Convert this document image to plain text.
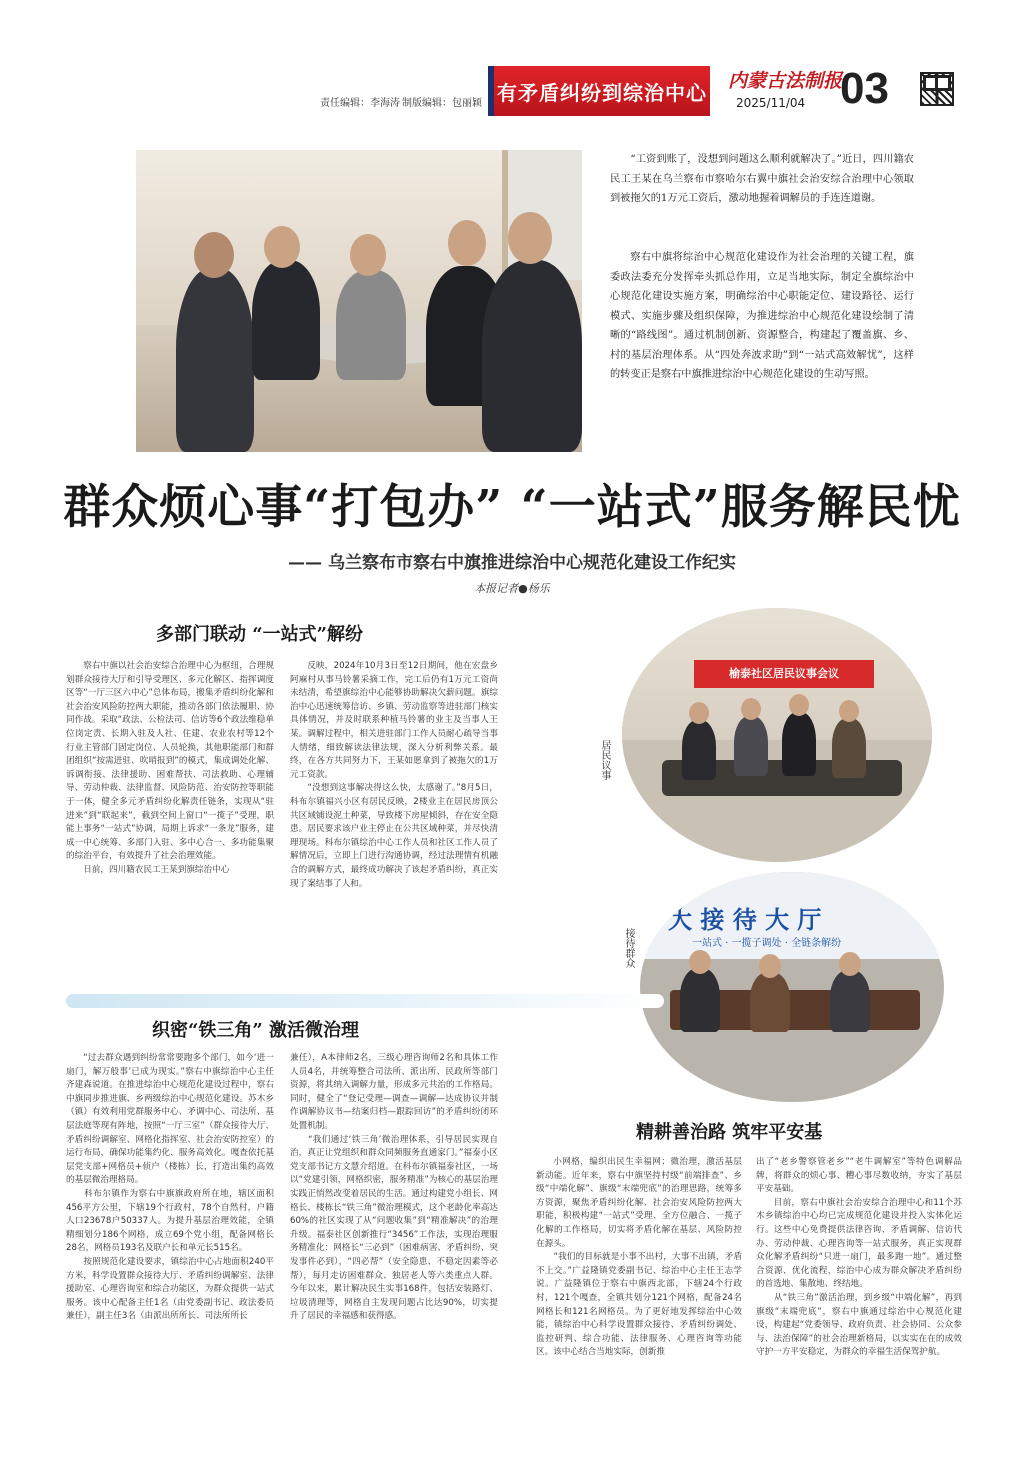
责任编辑：李海涛 制版编辑：包丽颖 有矛盾纠纷到综治中心 内蒙古法制报
2025/11/04 03
“工资到账了，没想到问题这么顺利就解决了。”近日，四川籍农民工王某在乌兰察布市察哈尔右翼中旗社会治安综合治理中心领取到被拖欠的1万元工资后，激动地握着调解员的手连连道谢。
察右中旗将综治中心规范化建设作为社会治理的关键工程，旗委政法委充分发挥牵头抓总作用，立足当地实际，制定全旗综治中心规范化建设实施方案，明确综治中心职能定位、建设路径、运行模式、实施步骤及组织保障，为推进综治中心规范化建设绘制了清晰的“路线图”。通过机制创新、资源整合，构建起了覆盖旗、乡、村的基层治理体系。从“四处奔波求助”到“一站式高效解忧”，这样的转变正是察右中旗推进综治中心规范化建设的生动写照。
群众烦心事“打包办” “一站式”服务解民忧
—— 乌兰察布市察右中旗推进综治中心规范化建设工作纪实
本报记者●杨乐
多部门联动 “一站式”解纷
察右中旗以社会治安综合治理中心为枢纽，合理规划群众接待大厅和引导受理区、多元化解区、指挥调度区等“一厅三区六中心”总体布局，搬集矛盾纠纷化解和社会治安风险防控两大职能，推动各部门依法履职、协同作战。采取“政法、公检法司、信访等6个政法维稳单位岗定责、长期入驻及人社、住建、农业农村等12个行业主管部门固定岗位、人员轮换，其他职能部门和群团组织“按需进驻、吹哨报到”的模式，集成调处化解、诉调衔接、法律援助、困难帮扶、司法救助、心理辅导、劳动仲裁、法律监督、风险防范、治安防控等职能于一体，健全多元矛盾纠纷化解责任链条，实现从“驻进来”到“联起来”，截到空间上窗口“一揽子”受理，职能上事务“一站式”协调，局期上诉求“一条龙”服务，建成一中心统筹、多部门入驻、多中心合一、多功能集聚的综治平台，有效提升了社会治理效能。
　　日前，四川籍农民工王某到旗综治中心
反映，2024年10月3日至12日期间，他在宏盘乡阿麻村从事马铃薯采摘工作，完工后仍有1万元工资尚未结清，希望旗综治中心能够协助解决欠薪问题。旗综治中心迅速统筹信访、乡镇、劳动监察等进驻部门核实具体情况，并及时联系种植马铃薯的业主及当事人王某。调解过程中，相关进驻部门工作人员耐心疏导当事人情绪，细致解读法律法规，深入分析利弊关系。最终，在各方共同努力下，王某如愿拿到了被拖欠的1万元工资款。
　　“没想到这事解决得这么快，太感谢了。”8月5日，科布尔镇福兴小区有居民反映，2楼业主在居民房顶公共区域铺设泥土种菜，导致楼下房屋倾斜，存在安全隐患。居民要求该户业主停止在公共区域种菜，并尽快清理现场。科布尔镇综治中心工作人员和社区工作人员了解情况后，立即上门进行沟通协调，经过法理情有机融合的调解方式，最终成功解决了该起矛盾纠纷，真正实现了案结事了人和。
榆泰社区居民议事会议
居民议事
大 接 待 大 厅
一站式 · 一揽子调处 · 全链条解纷
接待群众
织密“铁三角” 激活微治理
“过去群众遇到纠纷常常要跑多个部门，如今‘进一扇门，解万般事’已成为现实。”察右中旗综治中心主任齐建森说道。在推进综治中心规范化建设过程中，察右中旗同步推进旗、乡两级综治中心规范化建设。苏木乡（镇）有效利用党群服务中心、矛调中心、司法所、基层法庭等现有阵地，按照“一厅三室”（群众接待大厅、矛盾纠纷调解室、网格化指挥室、社会治安防控室）的运行布局，确保功能集约化、服务高效化。嘎查依托基层党支部+网格员+侦户（楼栋）长，打造出集约高效的基层微治理格局。
　　科布尔镇作为察右中旗旗政府所在地，辖区面积456平方公里，下辖19个行政村，78个自然村，户籍人口23678户50337人。为提升基层治理效能，全镇精细划分186个网格，成立69个党小组，配备网格长28名，网格员193名及联户长和单元长515名。
　　按照规范化建设要求，镇综治中心占地面积240平方米，科学设置群众接待大厅、矛盾纠纷调解室、法律援助室、心理咨询室和综合功能区，为群众提供一站式服务。该中心配备主任1名（由党委副书记、政法委员兼任），副主任3名（由派出所所长、司法所所长
兼任），A本律师2名，三级心理咨询师2名和具体工作人员4名，并统筹整合司法所、派出所、民政所等部门资源，将其纳入调解力量，形成多元共治的工作格局。同时，健全了“登记受理—调查—调解—达成协议并制作调解协议书—结案归档—跟踪回访”的矛盾纠纷闭环处置机制。
　　“我们通过‘铁三角’微治理体系，引导居民实现自治，真正让党组织和群众同频服务直通家门。”福泰小区党支部书记方文慧介绍道。在科布尔镇福泰社区，一场以“党建引领，网格织密，服务精准”为核心的基层治理实践正悄然改变着居民的生活。通过构建党小组长、网格长、楼栋长“铁三角”微治理模式，这个老龄化率高达60%的社区实现了从“问题收集”到“精准解决”的治理升级。福泰社区创新推行“3456”工作法，实现治理服务精准化：网格长“三必到”（困难病害、矛盾纠纷、突发事件必到），“四必帮”（安全隐患、不稳定因素等必帮），每月走访困难群众、独居老人等六类重点人群。今年以来，累计解决民生实事168件，包括安装路灯、垃圾清理等，网格自主发现问题占比达90%，切实提升了居民的幸福感和获得感。
精耕善治路 筑牢平安基
小网格，编织出民生幸福网；微治理，激活基层新动能。近年来，察右中旗坚持村级“前端排查”、乡级“中端化解”、旗级“末端兜底”的治理思路，统筹多方资源，聚焦矛盾纠纷化解、社会治安风险防控两大职能，积极构建“一站式”受理、全方位融合、一揽子化解的工作格局，切实将矛盾化解在基层、风险防控在源头。
　　“我们的目标就是小事不出村，大事不出镇，矛盾不上交。”广益隆镇党委副书记、综治中心主任王志学说。广益隆镇位于察右中旗西北部，下辖24个行政村，121个嘎查，全镇共划分121个网格，配备24名网格长和121名网格员。为了更好地发挥综治中心效能，镇综治中心科学设置群众接待、矛盾纠纷调处、监控研判、综合功能、法律服务、心理咨询等功能区。该中心结合当地实际，创新推
出了“老乡警察管老乡”“老牛调解室”等特色调解品牌，将群众的烦心事、糟心事尽数收纳，夯实了基层平安基础。
　　目前，察右中旗社会治安综合治理中心和11个苏木乡镇综治中心均已完成规范化建设并投入实体化运行。这些中心免费提供法律咨询、矛盾调解、信访代办、劳动仲裁、心理咨询等一站式服务，真正实现群众化解矛盾纠纷“只进一扇门，最多跑一地”。通过整合资源、优化流程，综治中心成为群众解决矛盾纠纷的首选地、集散地、终结地。
　　从“铁三角”激活治理，到乡级“中端化解”，再到旗级“末端兜底”，察右中旗通过综治中心规范化建设，构建起“党委领导、政府负责、社会协同、公众参与、法治保障”的社会治理新格局，以实实在在的成效守护一方平安稳定，为群众的幸福生活保驾护航。
